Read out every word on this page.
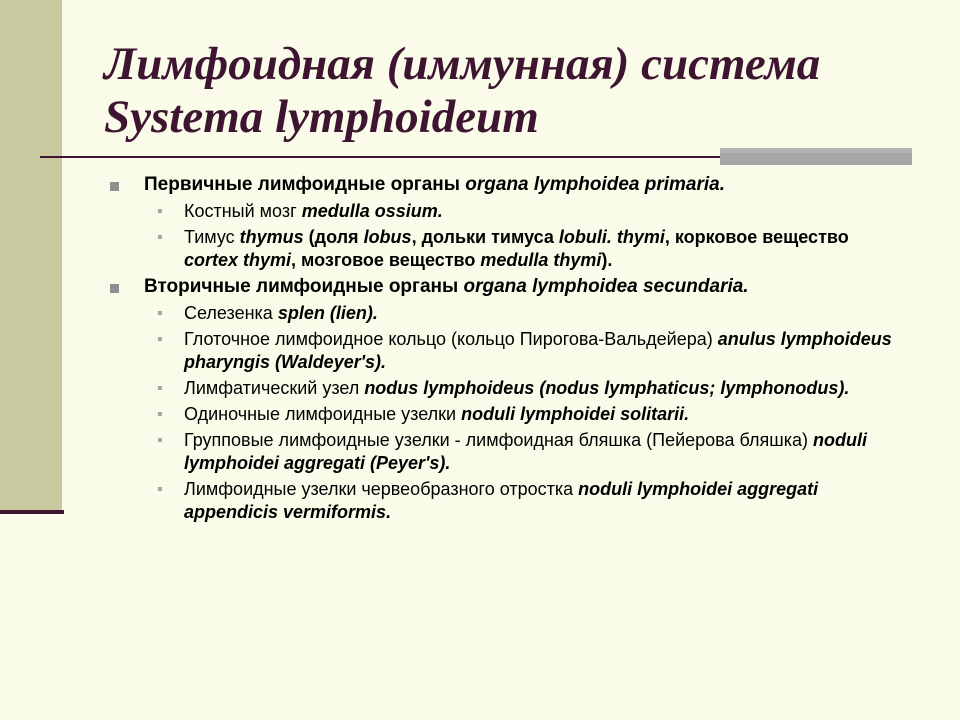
Лимфоидная (иммунная) система
Systema lymphoideum
Первичные лимфоидные органы organa lymphoidea primaria.
▪ Костный мозг medulla ossium.
▪ Тимус thymus (доля lobus, дольки тимуса lobuli. thymi, корковое вещество cortex thymi, мозговое вещество medulla thymi).
Вторичные лимфоидные органы organa lymphoidea secundaria.
▪ Селезенка splen (lien).
▪ Глоточное лимфоидное кольцо (кольцо Пирогова-Вальдейера) anulus lymphoideus pharyngis (Waldeyer's).
▪ Лимфатический узел nodus lymphoideus (nodus lymphaticus; lymphonodus).
▪ Одиночные лимфоидные узелки noduli lymphoidei solitarii.
▪ Групповые лимфоидные узелки - лимфоидная бляшка (Пейерова бляшка) noduli lymphoidei aggregati (Peyer's).
▪ Лимфоидные узелки червеобразного отростка noduli lymphoidei aggregati appendicis vermiformis.
